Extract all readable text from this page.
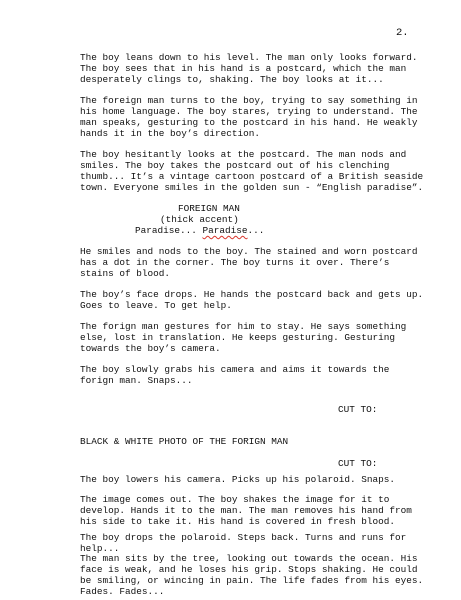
2.
The boy leans down to his level. The man only looks forward.
The boy sees that in his hand is a postcard, which the man
desperately clings to, shaking. The boy looks at it...
The foreign man turns to the boy, trying to say something in
his home language. The boy stares, trying to understand. The
man speaks, gesturing to the postcard in his hand. He weakly
hands it in the boy’s direction.
The boy hesitantly looks at the postcard. The man nods and
smiles. The boy takes the postcard out of his clenching
thumb... It’s a vintage cartoon postcard of a British seaside
town. Everyone smiles in the golden sun - “English paradise”.
FOREIGN MAN
(thick accent)
Paradise... Paradise...
He smiles and nods to the boy. The stained and worn postcard
has a dot in the corner. The boy turns it over. There’s
stains of blood.
The boy’s face drops. He hands the postcard back and gets up.
Goes to leave. To get help.
The forign man gestures for him to stay. He says something
else, lost in translation. He keeps gesturing. Gesturing
towards the boy’s camera.
The boy slowly grabs his camera and aims it towards the
forign man. Snaps...
CUT TO:
BLACK & WHITE PHOTO OF THE FORIGN MAN
CUT TO:
The boy lowers his camera. Picks up his polaroid. Snaps.
The image comes out. The boy shakes the image for it to
develop. Hands it to the man. The man removes his hand from
his side to take it. His hand is covered in fresh blood.
The boy drops the polaroid. Steps back. Turns and runs for
help...
The man sits by the tree, looking out towards the ocean. His
face is weak, and he loses his grip. Stops shaking. He could
be smiling, or wincing in pain. The life fades from his eyes.
Fades. Fades...
